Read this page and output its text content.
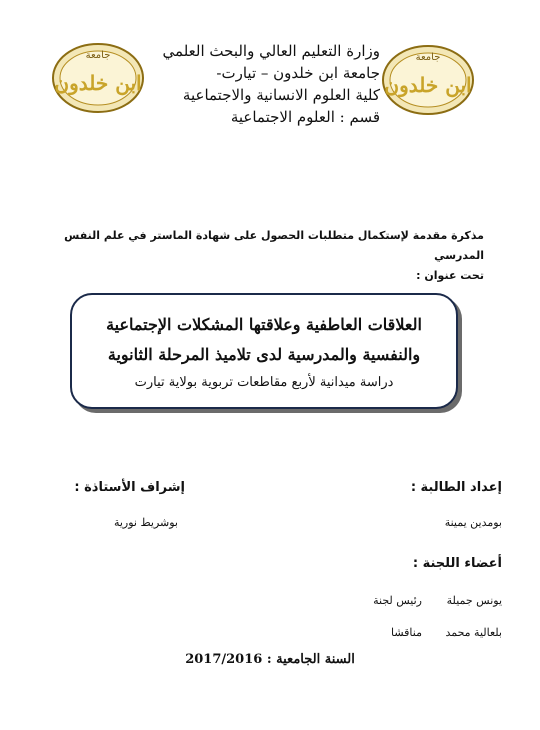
جامعة
ابن خلدون
جامعة
ابن خلدون
وزارة التعليم العالي والبحث العلمي
جامعة ابن خلدون – تيارت-
كلية العلوم الانسانية والاجتماعية
قسم : العلوم الاجتماعية
مذكرة مقدمة لإستكمال متطلبات الحصول على شهادة الماستر في علم النفس المدرسي
تحت عنوان :
العلاقات العاطفية وعلاقتها المشكلات الإجتماعية
والنفسية والمدرسية لدى تلاميذ المرحلة الثانوية
دراسة ميدانية لأربع مقاطعات تربوية بولاية تيارت
إعداد الطالبة :
بومدين يمينة
إشراف الأستاذة :
بوشريط نورية
أعضاء اللجنة :
يونس جميلة
رئيس لجنة
بلعالية محمد
مناقشا
السنة الجامعية : 2017/2016
